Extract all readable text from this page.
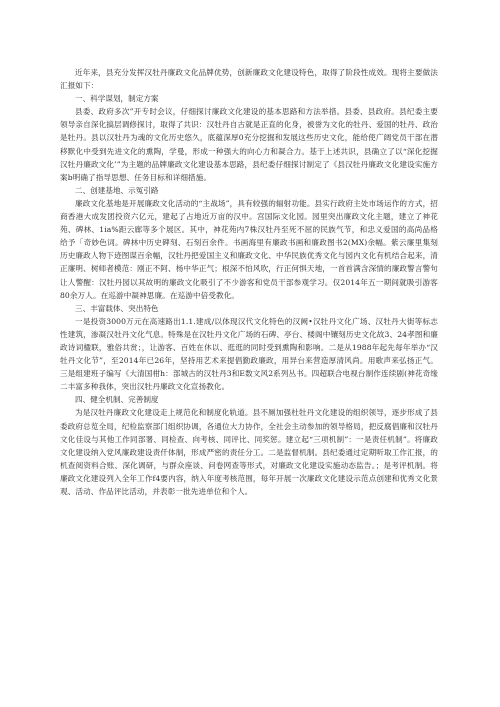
近年来，县充分发挥汉牡丹廉政文化品牌优势，创新廉政文化建设特色，取得了阶段性成效。现将主要做法汇报如下：

一、科学谋划，制定方案

县委、政府多次”开专时会议，仔细探讨廉政文化建设的基本思路和方法举措。县委、县政府。县纪委主要领导亲自深化搞层调修探讨，取得了共识：汉牡丹自古就是正直的化身，被誉为文化的牡丹、爱国的牡丹、政治是牡丹。县以汉牡丹为魂的文化历史悠久，底蕴深厚0充分挖掘和发展这些历史文化，能给使广阔党员干部在潜移默化中受到先进文化的熏陶，学曼，形成一种强大的向心力和凝合力。基于上述共识，县确立了以“深化挖掘汉牡丹廉政文化’”为主题的品牌廉政文化建设基本思路，县纪委仔细探讨制定了《县汉牡丹廉政文化建设实施方案b明确了指导思想、任务目标和详细措施。

二、创建基地、示冤引路

廉政文化基地是开展廉政文化活动的“主战场”，具有较强的辐射功能。县实行政府主处市场运作的方式，招商香港大成发团投资六亿元，建起了占地近万亩的汉中。宫国际文化园。园里突出廉政文化主题，建立了神花苑、碑林、1ia%距云廊等多个展区。其中，神花苑内7株汉牡丹至死不屈的民族气节，和忠义爱国的高尚品格给予「奇妙色词。碑林中历史碑刻、石刻百余件。书画海里有廉政书画和廉政图书2(MX)余幅。紫云廉里集刻历史廉政人物下迹图谋百余幅，汉牡丹把爱国主义和廉政文化、中华民族优秀文化与园内文化有机结合起来，清正廉明、树师者模范：刚正不阿、杨中华正气；根深不怕风吹，行正何惧天地，一首首满含深情的廉政警言警句让人警醒：汉牡丹园以其故明的廉政文化吸引了不少游客和党员干部参观学习。仅2014年五一期间就吸引游客80余万人。在巡游中凝神思廉。在巡游中倍受教化。

三、丰富载体、突出特色

一是投资3000万元在高速路出1.1.建成/以体现汉代文化特色的汉阙•汉牡丹文化广场、汉牡丹大街等标志性建筑，渗凝汉牡丹文化气息。特殊是在汉牡丹文化广场的石碑、亭台、楼阁中镶刻历史文化故3、24孝图和廉政诗词楹联，雅俗共赏；，让游客、百姓在休以、逛逛的同时受到熏陶和影响。二是从1988年起先每年举办“汉牡丹文化节”，至2014年已26年，坚持用艺术来提倡勤政廉政，用异台来营造厚清风尚。用歌声来弘扬正气。三是组建班子编写《大清国柑h：部城古的汉牡丹3和E数文风2系列丛书。四超联合电视台制作连续剧(神花奇缘二丰富多种我体，突出汉牡丹廉政文化宣扬教化。

四、健全机制、完善制度

为是汉牡丹廉政文化建设走上规范化和制度化轨道。县不厕加强杜牡丹文化建设的组织领导，逐步形成了县委政府总览全局，纪检监察部门组织协调，各通位大力协作，全社会主动参加的领导格局，把反腐倡廉和汉牡丹文化佳设与其他工作同部署、同检查、向考核、同评比、同奖惩。建立起“三项机制”：一是责任机制”。将廉政文化建设纳入党风廉政建设责仟体制，形成严密的责任分工。二是监督机制。县纪委通过定期听取工作汇报，的机查阅资料合账、深化调研，与群众座谈、问卷网查等形式，对廉政文化建设实施动态监告。；是考评机制。将廉政文化建设列入全年工作f4要内容，纳入年度考核范围，每年开展一次廉政文化建设示范点创建和优秀文化景观、活动、作品评比活动，并表彰一批先进单位和个人。
